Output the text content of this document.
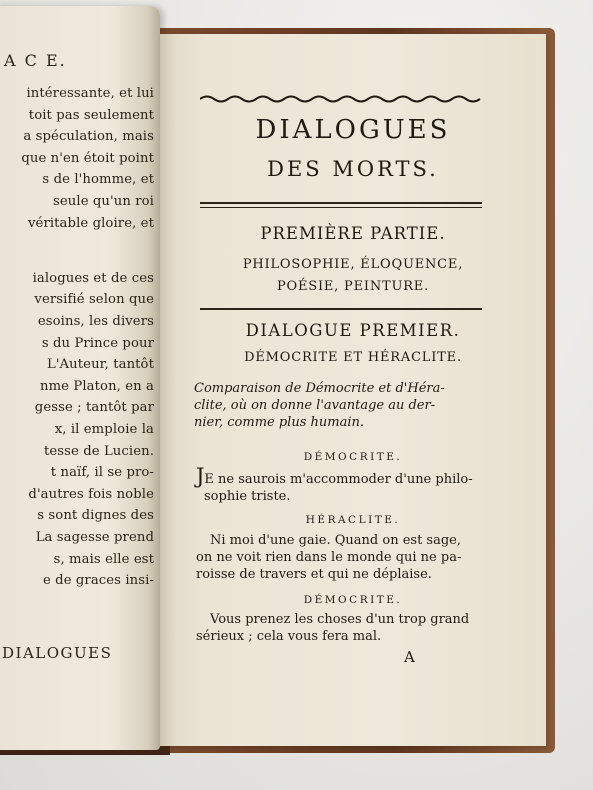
A C E.
intéressante, et lui
toit pas seulement
a spéculation, mais
que n'en étoit point
s de l'homme, et
seule qu'un roi
véritable gloire, et
ialogues et de ces
versifié selon que
esoins, les divers
s du Prince pour
L'Auteur, tantôt
nme Platon, en a
gesse ; tantôt par
x, il emploie la
tesse de Lucien.
t naïf, il se pro-
d'autres fois noble
s sont dignes des
La sagesse prend
s, mais elle est
e de graces insi-
DIALOGUES
DIALOGUES
DES MORTS.
PREMIÈRE PARTIE.
PHILOSOPHIE, ÉLOQUENCE,
POÉSIE, PEINTURE.
DIALOGUE PREMIER.
DÉMOCRITE ET HÉRACLITE.
Comparaison de Démocrite et d'Héra-
clite, où on donne l'avantage au der-
nier, comme plus humain.
DÉMOCRITE.
JE ne saurois m'accommoder d'une philo-
sophie triste.
HÉRACLITE.
Ni moi d'une gaie. Quand on est sage,
on ne voit rien dans le monde qui ne pa-
roisse de travers et qui ne déplaise.
DÉMOCRITE.
Vous prenez les choses d'un trop grand
sérieux ; cela vous fera mal.
A
